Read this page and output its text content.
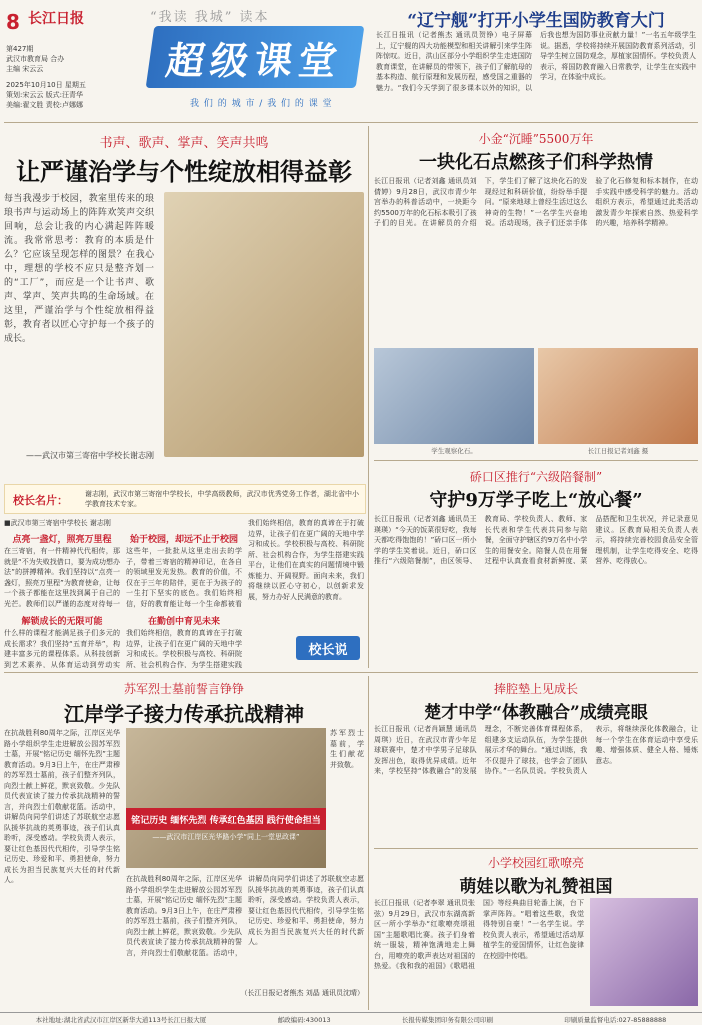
8 长江日报
第427期
武汉市教育局 合办
主编 宋云云
2025年10月10日 星期五
策划:宋云云 版式:汪青华
美编:翟文胜 责校:卢娜娜
“我读 我城” 读本
超级课堂
我 们 的 城 市 / 我 们 的 课 堂
“辽宁舰”打开小学生国防教育大门
长江日报讯（记者熊杰 通讯员贺铮）电子屏幕上，辽宁舰的四大功能模型和相关讲解引来学生阵阵惊叹。近日，洪山区部分小学组织学生走进国防教育课堂，在讲解员的带领下，孩子们了解航母的基本构造、航行原理和发展历程，感受国之重器的魅力。“我们今天学到了很多课本以外的知识，以后我也想为国防事业贡献力量！”一名五年级学生说。据悉，学校将持续开展国防教育系列活动，引导学生树立国防观念，厚植家国情怀。学校负责人表示，将国防教育融入日常教学，让学生在实践中学习，在体验中成长。
书声、歌声、掌声、笑声共鸣
让严谨治学与个性绽放相得益彰
每当我漫步于校园，教室里传来的琅琅书声与运动场上的阵阵欢笑声交织回响，总会让我的内心满起阵阵暖流。我常常思考：教育的本质是什么？它应该呈现怎样的图景？在我心中，理想的学校不应只是整齐划一的“工厂”，而应是一个让书声、歌声、掌声、笑声共鸣的生命场域。在这里，严谨治学与个性绽放相得益彰，教育者以匠心守护每一个孩子的成长。
——武汉市第三寄宿中学校长谢志刚
校长名片： 谢志刚，武汉市第三寄宿中学校长，中学高级教师，武汉市优秀党务工作者，湖北省中小学教育技术专家。
■武汉市第三寄宿中学校长 谢志刚
点亮一盏灯，照亮万里程
在三寄宿，有一件精神代代相传，那就是“不为失败找借口，要为成功想办法”的拼搏精神。我们坚持以“点亮一盏灯，照亮万里程”为教育使命，让每一个孩子都能在这里找到属于自己的光芒。教师们以严谨的态度对待每一
解锁成长的无限可能
什么样的课程才能满足孩子们多元的成长需求？我们坚持“五育并举”，构建丰富多元的课程体系。从科技创新到艺术素养，从体育运动到劳动实
始于校园，却远不止于校园
这些年，一批批从这里走出去的学子，带着三寄宿的精神印记，在各自的领域里发光发热。教育的价值，不仅在于三年的陪伴，更在于为孩子的一生打下坚实的底色。我们始终相信，好的教育能让每一个生命都被看
在勤创中育见未来
我们始终相信，教育的真谛在于打破边界，让孩子们在更广阔的天地中学习和成长。学校积极与高校、科研院所、社会机构合作，为学生搭建实践
我们始终相信，教育的真谛在于打破边界，让孩子们在更广阔的天地中学习和成长。学校积极与高校、科研院所、社会机构合作，为学生搭建实践平台，让他们在真实的问题情境中锻炼能力、开阔视野。面向未来，我们将继续以匠心守初心，以创新求发展，努力办好人民满意的教育。
校长说
小金“沉睡”5500万年
一块化石点燃孩子们科学热情
长江日报讯（记者刘鑫 通讯员刘倩婷）9月28日，武汉市青少年宫举办的科普活动中，一块距今约5500万年的化石标本吸引了孩子们的目光。在讲解员的介绍下，学生们了解了这块化石的发现经过和科研价值，纷纷举手提问。“原来地球上曾经生活过这么神奇的生物！”一名学生兴奋地说。活动现场，孩子们还亲手体验了化石修复和标本制作，在动手实践中感受科学的魅力。活动组织方表示，希望通过此类活动激发青少年探索自然、热爱科学的兴趣，培养科学精神。
学生观察化石。	长江日报记者刘鑫 摄
硚口区推行“六级陪餐制”
守护9万学子吃上“放心餐”
长江日报讯（记者刘鑫 通讯员王瑛瑛）“今天的饭菜很好吃，我每天都吃得饱饱的！”硚口区一所小学的学生笑着说。近日，硚口区推行“六级陪餐制”，由区领导、教育局、学校负责人、教师、家长代表和学生代表共同参与陪餐，全面守护辖区约9万名中小学生的用餐安全。陪餐人员在用餐过程中认真查看食材新鲜度、菜品搭配和卫生状况，并记录意见建议。区教育局相关负责人表示，将持续完善校园食品安全管理机制，让学生吃得安全、吃得营养、吃得放心。
苏军烈士墓前誓言铮铮
江岸学子接力传承抗战精神
在抗战胜利80周年之际，江岸区光华路小学组织学生走进解放公园苏军烈士墓，开展“铭记历史 缅怀先烈”主题教育活动。9月3日上午，在庄严肃穆的苏军烈士墓前，孩子们整齐列队，向烈士献上鲜花，默哀致敬。少先队员代表宣读了接力传承抗战精神的誓言，并向烈士们敬献花篮。活动中，讲解员向同学们讲述了苏联航空志愿队援华抗战的英勇事迹，孩子们认真聆听，深受感动。学校负责人表示，要让红色基因代代相传，引导学生铭记历史、珍爱和平、勇担使命，努力成长为担当民族复兴大任的时代新人。
铭记历史 缅怀先烈 传承红色基因 践行使命担当
——武汉市江岸区光华路小学“同上一堂思政课”
苏军烈士墓前，学生们献花并致敬。
在抗战胜利80周年之际，江岸区光华路小学组织学生走进解放公园苏军烈士墓，开展“铭记历史 缅怀先烈”主题教育活动。9月3日上午，在庄严肃穆的苏军烈士墓前，孩子们整齐列队，向烈士献上鲜花，默哀致敬。少先队员代表宣读了接力传承抗战精神的誓言，并向烈士们敬献花篮。活动中，讲解员向同学们讲述了苏联航空志愿队援华抗战的英勇事迹，孩子们认真聆听，深受感动。学校负责人表示，要让红色基因代代相传，引导学生铭记历史、珍爱和平、勇担使命，努力成长为担当民族复兴大任的时代新人。
（长江日报记者熊杰 刘晶 通讯员沈晴）
捧腔墊上见成长
楚才中学“体教融合”成绩亮眼
长江日报讯（记者肖颖慧 通讯员周琪）近日，在武汉市青少年足球联赛中，楚才中学男子足球队发挥出色，取得优异成绩。近年来，学校坚持“体教融合”的发展理念，不断完善体育课程体系，组建多支运动队伍，为学生提供展示才华的舞台。“通过训练，我不仅提升了球技，也学会了团队协作。”一名队员说。学校负责人表示，将继续深化体教融合，让每一个学生在体育运动中享受乐趣、增强体质、健全人格、锤炼意志。
小学校园红歌嘹亮
萌娃以歌为礼赞祖国
长江日报讯（记者李翠 通讯员张弦）9月29日，武汉市东湖高新区一所小学举办“红歌嘹亮颂祖国”主题歌唱比赛。孩子们身着统一服装，精神饱满地走上舞台，用嘹亮的歌声表达对祖国的热爱。《我和我的祖国》《歌唱祖国》等经典曲目轮番上演，台下掌声阵阵。“唱着这些歌，我觉得特别自豪！”一名学生说。学校负责人表示，希望通过活动厚植学生的爱国情怀，让红色旋律在校园中传唱。
本社地址:湖北省武汉市江岸区新华大道113号长江日报大厦	邮政编码:430013	长报传媒集团印务有限公司印刷	印刷质量监督电话:027-85888888
